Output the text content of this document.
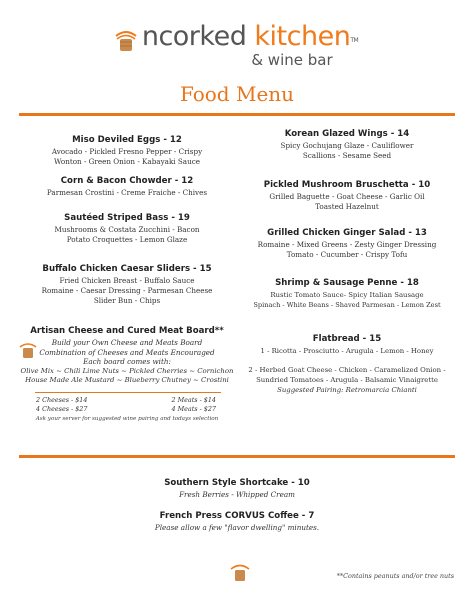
ncorked kitchen™
& wine bar
Food Menu
Miso Deviled Eggs - 12
Avocado - Pickled Fresno Pepper - Crispy
Wonton - Green Onion - Kabayaki Sauce
Corn & Bacon Chowder - 12
Parmesan Crostini - Creme Fraiche - Chives
Sautéed Striped Bass - 19
Mushrooms & Costata Zucchini - Bacon
Potato Croquettes - Lemon Glaze
Buffalo Chicken Caesar Sliders - 15
Fried Chicken Breast - Buffalo Sauce
Romaine - Caesar Dressing - Parmesan Cheese
Slider Bun - Chips
Artisan Cheese and Cured Meat Board**
Build your Own Cheese and Meats Board
Combination of Cheeses and Meats Encouraged
Each board comes with:
Olive Mix ~ Chili Lime Nuts ~ Pickled Cherries ~ Cornichon
House Made Ale Mustard ~ Blueberry Chutney ~ Crostini
2 Cheeses - $14	2 Meats - $14
4 Cheeses - $27	4 Meats - $27
Ask your server for suggested wine pairing and todays selection
Korean Glazed Wings - 14
Spicy Gochujang Glaze - Cauliflower
Scallions - Sesame Seed
Pickled Mushroom Bruschetta - 10
Grilled Baguette - Goat Cheese - Garlic Oil
Toasted Hazelnut
Grilled Chicken Ginger Salad - 13
Romaine - Mixed Greens - Zesty Ginger Dressing
Tomato - Cucumber - Crispy Tofu
Shrimp & Sausage Penne - 18
Rustic Tomato Sauce- Spicy Italian Sausage
Spinach - White Beans - Shaved Parmesan - Lemon Zest
Flatbread - 15
1 - Ricotta - Prosciutto - Arugula - Lemon - Honey
2 - Herbed Goat Cheese - Chicken - Caramelized Onion -
Sundried Tomatoes - Arugula - Balsamic Vinaigrette
Suggested Pairing: Retromarcia Chianti
Southern Style Shortcake - 10
Fresh Berries - Whipped Cream
French Press CORVUS Coffee - 7
Please allow a few "flavor dwelling" minutes.
**Contains peanuts and/or tree nuts
